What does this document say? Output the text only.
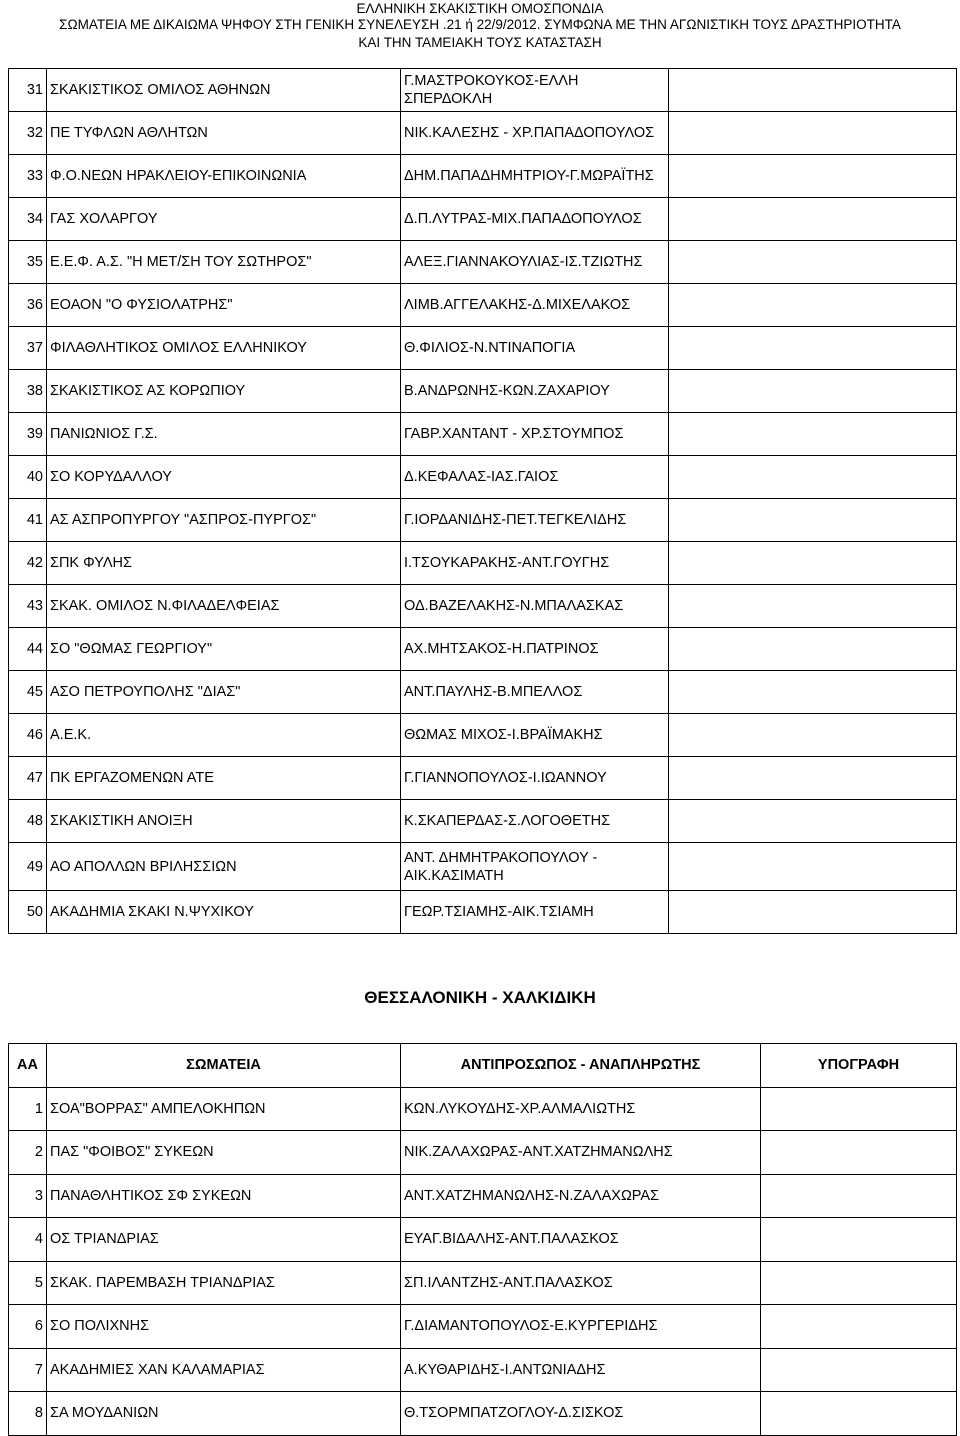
ΕΛΛΗΝΙΚΗ ΣΚΑΚΙΣΤΙΚΗ ΟΜΟΣΠΟΝΔΙΑ
ΣΩΜΑΤΕΙΑ ΜΕ ΔΙΚΑΙΩΜΑ ΨΗΦΟΥ ΣΤΗ ΓΕΝΙΚΗ ΣΥΝΕΛΕΥΣΗ .21 ή 22/9/2012. ΣΥΜΦΩΝΑ ΜΕ ΤΗΝ ΑΓΩΝΙΣΤΙΚΗ ΤΟΥΣ ΔΡΑΣΤΗΡΙΟΤΗΤΑ
ΚΑΙ ΤΗΝ ΤΑΜΕΙΑΚΗ ΤΟΥΣ ΚΑΤΑΣΤΑΣΗ
31	ΣΚΑΚΙΣΤΙΚΟΣ ΟΜΙΛΟΣ ΑΘΗΝΩΝ	Γ.ΜΑΣΤΡΟΚΟΥΚΟΣ-ΕΛΛΗ ΣΠΕΡΔΟΚΛΗ	
32	ΠΕ ΤΥΦΛΩΝ ΑΘΛΗΤΩΝ	ΝΙΚ.ΚΑΛΕΣΗΣ - ΧΡ.ΠΑΠΑΔΟΠΟΥΛΟΣ	
33	Φ.Ο.ΝΕΩΝ ΗΡΑΚΛΕΙΟΥ-ΕΠΙΚΟΙΝΩΝΙΑ	ΔΗΜ.ΠΑΠΑΔΗΜΗΤΡΙΟΥ-Γ.ΜΩΡΑΪΤΗΣ	
34	ΓΑΣ ΧΟΛΑΡΓΟΥ	Δ.Π.ΛΥΤΡΑΣ-ΜΙΧ.ΠΑΠΑΔΟΠΟΥΛΟΣ	
35	Ε.Ε.Φ. Α.Σ. "Η ΜΕΤ/ΣΗ ΤΟΥ ΣΩΤΗΡΟΣ"	ΑΛΕΞ.ΓΙΑΝΝΑΚΟΥΛΙΑΣ-ΙΣ.ΤΖΙΩΤΗΣ	
36	ΕΟΑΟΝ "Ο ΦΥΣΙΟΛΑΤΡΗΣ"	ΛΙΜΒ.ΑΓΓΕΛΑΚΗΣ-Δ.ΜΙΧΕΛΑΚΟΣ	
37	ΦΙΛΑΘΛΗΤΙΚΟΣ ΟΜΙΛΟΣ ΕΛΛΗΝΙΚΟΥ	Θ.ΦΙΛΙΟΣ-Ν.ΝΤΙΝΑΠΟΓΙΑ	
38	ΣΚΑΚΙΣΤΙΚΟΣ ΑΣ ΚΟΡΩΠΙΟΥ	Β.ΑΝΔΡΩΝΗΣ-ΚΩΝ.ΖΑΧΑΡΙΟΥ	
39	ΠΑΝΙΩΝΙΟΣ Γ.Σ.	ΓΑΒΡ.ΧΑΝΤΑΝΤ - ΧΡ.ΣΤΟΥΜΠΟΣ	
40	ΣΟ ΚΟΡΥΔΑΛΛΟΥ	Δ.ΚΕΦΑΛΑΣ-ΙΑΣ.ΓΑΙΟΣ	
41	ΑΣ ΑΣΠΡΟΠΥΡΓΟΥ "ΑΣΠΡΟΣ-ΠΥΡΓΟΣ"	Γ.ΙΟΡΔΑΝΙΔΗΣ-ΠΕΤ.ΤΕΓΚΕΛΙΔΗΣ	
42	ΣΠΚ ΦΥΛΗΣ	Ι.ΤΣΟΥΚΑΡΑΚΗΣ-ΑΝΤ.ΓΟΥΓΗΣ	
43	ΣΚΑΚ. ΟΜΙΛΟΣ Ν.ΦΙΛΑΔΕΛΦΕΙΑΣ	ΟΔ.ΒΑΖΕΛΑΚΗΣ-Ν.ΜΠΑΛΑΣΚΑΣ	
44	ΣΟ "ΘΩΜΑΣ ΓΕΩΡΓΙΟΥ"	ΑΧ.ΜΗΤΣΑΚΟΣ-Η.ΠΑΤΡΙΝΟΣ	
45	ΑΣΟ ΠΕΤΡΟΥΠΟΛΗΣ "ΔΙΑΣ"	ΑΝΤ.ΠΑΥΛΗΣ-Β.ΜΠΕΛΛΟΣ	
46	Α.Ε.Κ.	ΘΩΜΑΣ ΜΙΧΟΣ-Ι.ΒΡΑΪΜΑΚΗΣ	
47	ΠΚ ΕΡΓΑΖΟΜΕΝΩΝ ΑΤΕ	Γ.ΓΙΑΝΝΟΠΟΥΛΟΣ-Ι.ΙΩΑΝΝΟΥ	
48	ΣΚΑΚΙΣΤΙΚΗ ΑΝΟΙΞΗ	Κ.ΣΚΑΠΕΡΔΑΣ-Σ.ΛΟΓΟΘΕΤΗΣ	
49	ΑΟ ΑΠΟΛΛΩΝ ΒΡΙΛΗΣΣΙΩΝ	ΑΝΤ. ΔΗΜΗΤΡΑΚΟΠΟΥΛΟΥ - ΑΙΚ.ΚΑΣΙΜΑΤΗ	
50	ΑΚΑΔΗΜΙΑ ΣΚΑΚΙ Ν.ΨΥΧΙΚΟΥ	ΓΕΩΡ.ΤΣΙΑΜΗΣ-ΑΙΚ.ΤΣΙΑΜΗ	
ΘΕΣΣΑΛΟΝΙΚΗ - ΧΑΛΚΙΔΙΚΗ
ΑΑ	ΣΩΜΑΤΕΙΑ	ΑΝΤΙΠΡΟΣΩΠΟΣ - ΑΝΑΠΛΗΡΩΤΗΣ	ΥΠΟΓΡΑΦΗ
1	ΣΟΑ"ΒΟΡΡΑΣ" ΑΜΠΕΛΟΚΗΠΩΝ	ΚΩΝ.ΛΥΚΟΥΔΗΣ-ΧΡ.ΑΛΜΑΛΙΩΤΗΣ	
2	ΠΑΣ "ΦΟΙΒΟΣ" ΣΥΚΕΩΝ	ΝΙΚ.ΖΑΛΑΧΩΡΑΣ-ΑΝΤ.ΧΑΤΖΗΜΑΝΩΛΗΣ	
3	ΠΑΝΑΘΛΗΤΙΚΟΣ ΣΦ ΣΥΚΕΩΝ	ΑΝΤ.ΧΑΤΖΗΜΑΝΩΛΗΣ-Ν.ΖΑΛΑΧΩΡΑΣ	
4	ΟΣ ΤΡΙΑΝΔΡΙΑΣ	ΕΥΑΓ.ΒΙΔΑΛΗΣ-ΑΝΤ.ΠΑΛΑΣΚΟΣ	
5	ΣΚΑΚ. ΠΑΡΕΜΒΑΣΗ ΤΡΙΑΝΔΡΙΑΣ	ΣΠ.ΙΛΑΝΤΖΗΣ-ΑΝΤ.ΠΑΛΑΣΚΟΣ	
6	ΣΟ ΠΟΛΙΧΝΗΣ	Γ.ΔΙΑΜΑΝΤΟΠΟΥΛΟΣ-Ε.ΚΥΡΓΕΡΙΔΗΣ	
7	ΑΚΑΔΗΜΙΕΣ ΧΑΝ ΚΑΛΑΜΑΡΙΑΣ	Α.ΚΥΘΑΡΙΔΗΣ-Ι.ΑΝΤΩΝΙΑΔΗΣ	
8	ΣΑ ΜΟΥΔΑΝΙΩΝ	Θ.ΤΣΟΡΜΠΑΤΖΟΓΛΟΥ-Δ.ΣΙΣΚΟΣ	
